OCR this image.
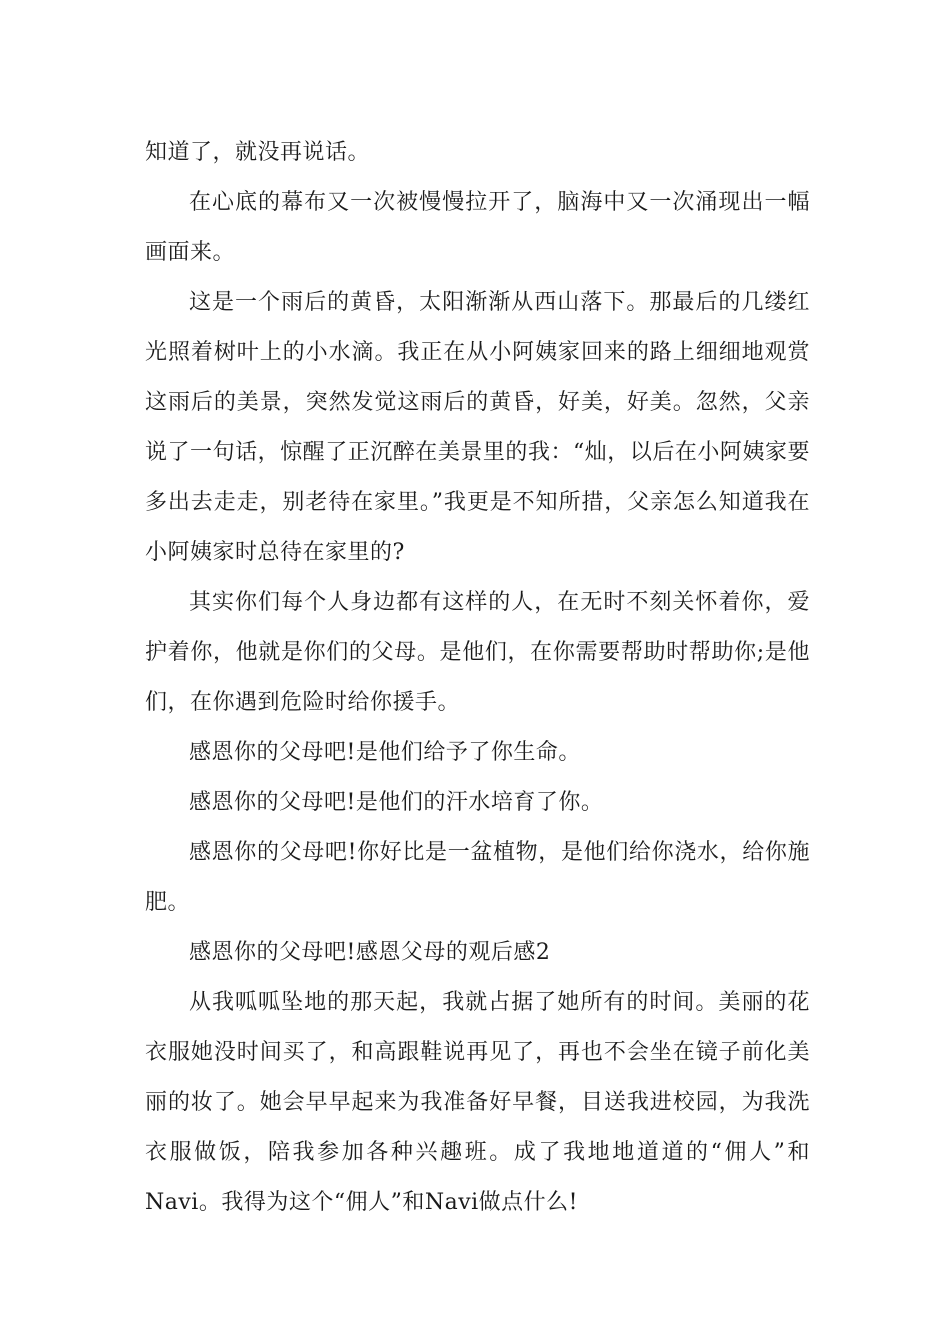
知道了，就没再说话。

在心底的幕布又一次被慢慢拉开了，脑海中又一次涌现出一幅画面来。

这是一个雨后的黄昏，太阳渐渐从西山落下。那最后的几缕红光照着树叶上的小水滴。我正在从小阿姨家回来的路上细细地观赏这雨后的美景，突然发觉这雨后的黄昏，好美，好美。忽然，父亲说了一句话，惊醒了正沉醉在美景里的我：“灿，以后在小阿姨家要多出去走走，别老待在家里。”我更是不知所措，父亲怎么知道我在小阿姨家时总待在家里的?

其实你们每个人身边都有这样的人，在无时不刻关怀着你，爱护着你，他就是你们的父母。是他们，在你需要帮助时帮助你;是他们，在你遇到危险时给你援手。

感恩你的父母吧!是他们给予了你生命。

感恩你的父母吧!是他们的汗水培育了你。

感恩你的父母吧!你好比是一盆植物，是他们给你浇水，给你施肥。

感恩你的父母吧!感恩父母的观后感2

从我呱呱坠地的那天起，我就占据了她所有的时间。美丽的花衣服她没时间买了，和高跟鞋说再见了，再也不会坐在镜子前化美丽的妆了。她会早早起来为我准备好早餐，目送我进校园，为我洗衣服做饭，陪我参加各种兴趣班。成了我地地道道的“佣人”和Navi。我得为这个“佣人”和Navi做点什么!
